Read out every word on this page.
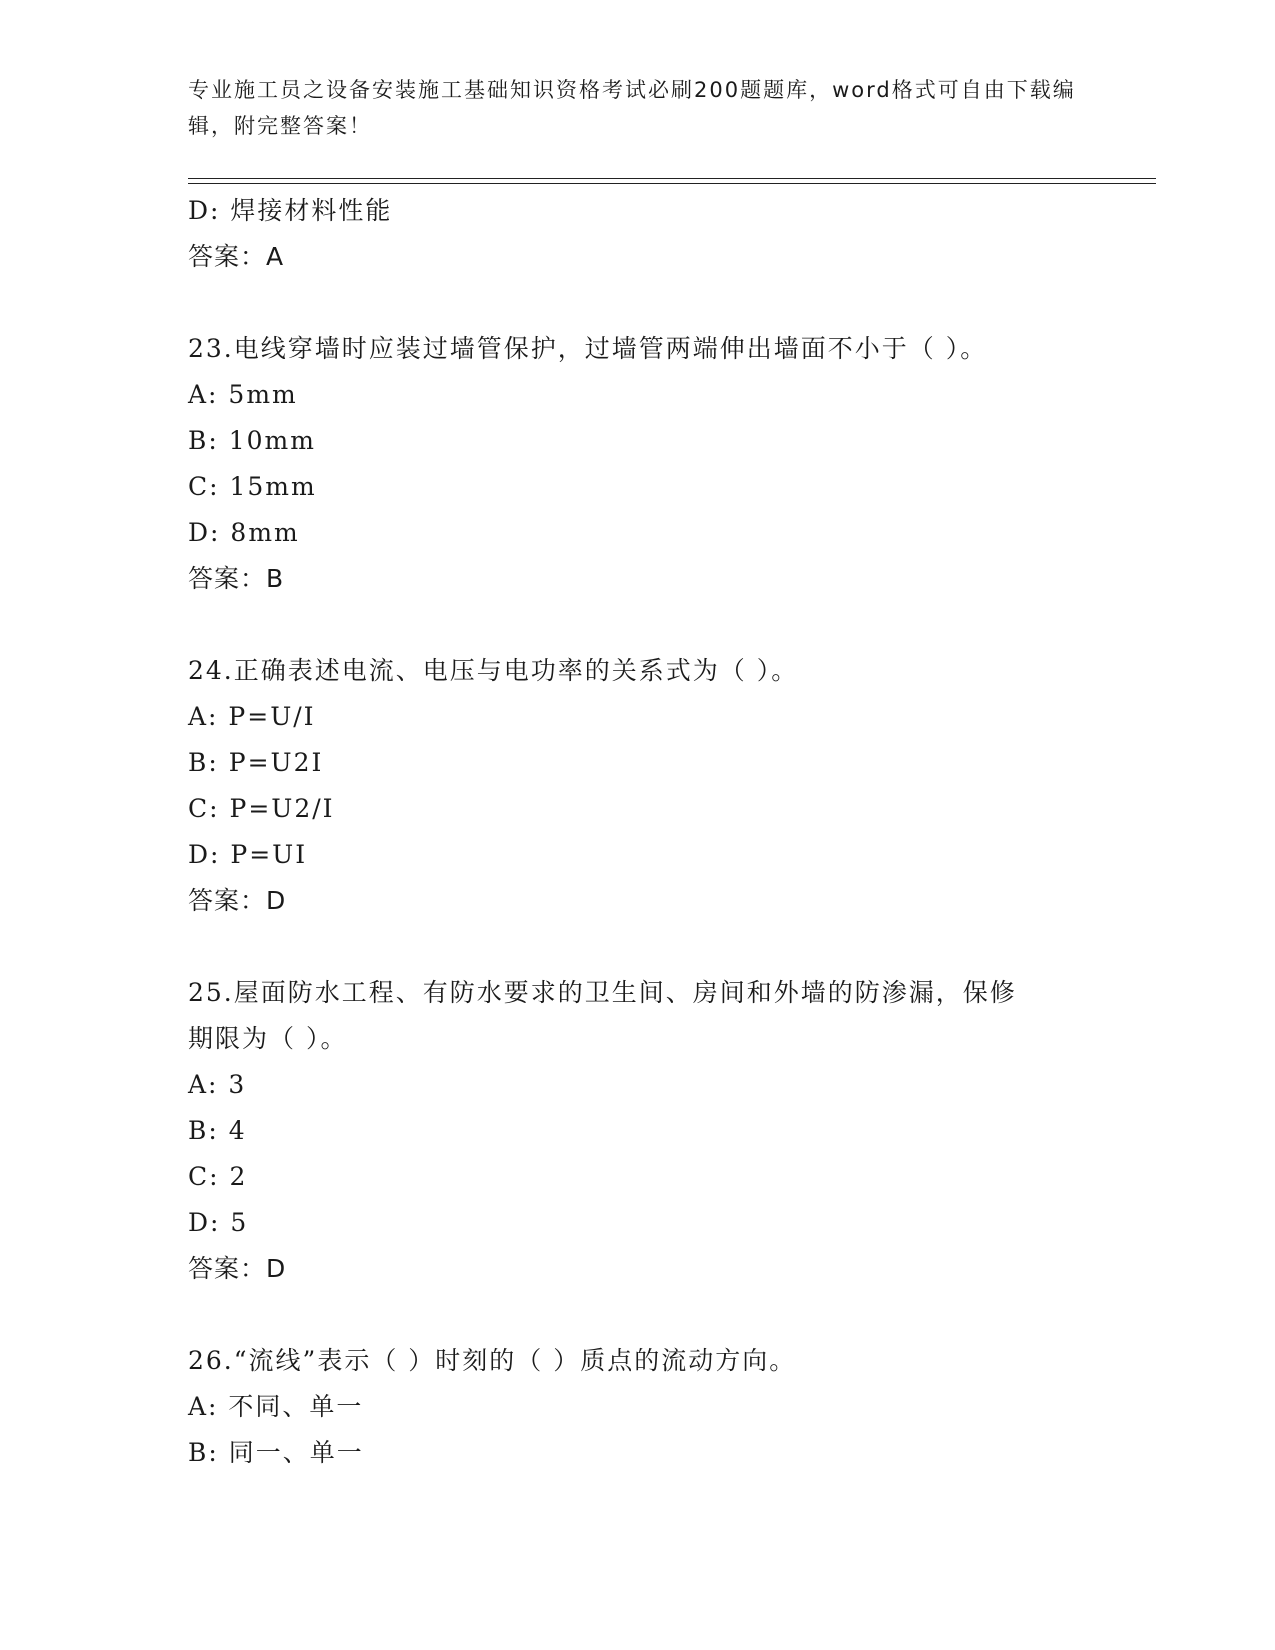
专业施工员之设备安装施工基础知识资格考试必刷200题题库，word格式可自由下载编辑，附完整答案！
D: 焊接材料性能
答案：A
23.电线穿墙时应装过墙管保护，过墙管两端伸出墙面不小于（ ）。
A: 5mm
B: 10mm
C: 15mm
D: 8mm
答案：B
24.正确表述电流、电压与电功率的关系式为（ ）。
A: P=U/I
B: P=U2I
C: P=U2/I
D: P=UI
答案：D
25.屋面防水工程、有防水要求的卫生间、房间和外墙的防渗漏，保修
期限为（ ）。
A: 3
B: 4
C: 2
D: 5
答案：D
26.“流线”表示（ ）时刻的（ ）质点的流动方向。
A: 不同、单一
B: 同一、单一
